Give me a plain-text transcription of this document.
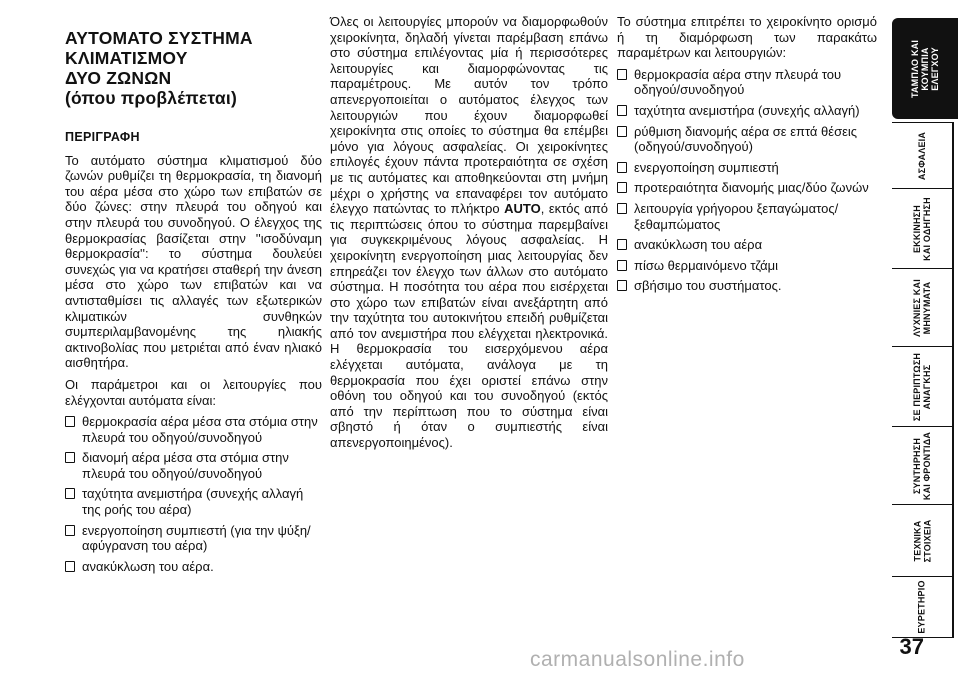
ΑΥΤΟΜΑΤΟ ΣΥΣΤΗΜΑ
ΚΛΙΜΑΤΙΣΜΟΥ
ΔΥΟ ΖΩΝΩΝ
(όπου προβλέπεται)
ΠΕΡΙΓΡΑΦΗ

Το αυτόματο σύστημα κλιματισμού δύο ζωνών ρυθμίζει τη θερμοκρασία, τη διανομή του αέρα μέσα στο χώρο των επιβατών σε δύο ζώνες: στην πλευρά του οδηγού και στην πλευρά του συνοδηγού. Ο έλεγχος της θερμοκρασίας βασίζεται στην ''ισοδύναμη θερμοκρασία'': το σύστημα δουλεύει συνεχώς για να κρατήσει σταθερή την άνεση μέσα στο χώρο των επιβατών και να αντισταθμίσει τις αλλαγές των εξωτερικών κλιματικών συνθηκών συμπεριλαμβανομένης της ηλιακής ακτινοβολίας που μετριέται από έναν ηλιακό αισθητήρα.

Οι παράμετροι και οι λειτουργίες που ελέγχονται αυτόματα είναι:

θερμοκρασία αέρα μέσα στα στόμια στην πλευρά του οδηγού/συνοδηγού
διανομή αέρα μέσα στα στόμια στην πλευρά του οδηγού/συνοδηγού
ταχύτητα ανεμιστήρα (συνεχής αλλαγή της ροής του αέρα)
ενεργοποίηση συμπιεστή (για την ψύξη/αφύγρανση του αέρα)
ανακύκλωση του αέρα.

Όλες οι λειτουργίες μπορούν να διαμορφωθούν χειροκίνητα, δηλαδή γίνεται παρέμβαση επάνω στο σύστημα επιλέγοντας μία ή περισσότερες λειτουργίες και διαμορφώνοντας τις παραμέτρους. Με αυτόν τον τρόπο απενεργοποιείται ο αυτόματος έλεγχος των λειτουργιών που έχουν διαμορφωθεί χειροκίνητα στις οποίες το σύστημα θα επέμβει μόνο για λόγους ασφαλείας. Οι χειροκίνητες επιλογές έχουν πάντα προτεραιότητα σε σχέση με τις αυτόματες και αποθηκεύονται στη μνήμη μέχρι ο χρήστης να επαναφέρει τον αυτόματο έλεγχο πατώντας το πλήκτρο AUTO, εκτός από τις περιπτώσεις όπου το σύστημα παρεμβαίνει για συγκεκριμένους λόγους ασφαλείας. Η χειροκίνητη ενεργοποίηση μιας λειτουργίας δεν επηρεάζει τον έλεγχο των άλλων στο αυτόματο σύστημα. Η ποσότητα του αέρα που εισέρχεται στο χώρο των επιβατών είναι ανεξάρτητη από την ταχύτητα του αυτοκινήτου επειδή ρυθμίζεται από τον ανεμιστήρα που ελέγχεται ηλεκτρονικά. Η θερμοκρασία του εισερχόμενου αέρα ελέγχεται αυτόματα, ανάλογα με τη θερμοκρασία που έχει οριστεί επάνω στην οθόνη του οδηγού και του συνοδηγού (εκτός από την περίπτωση που το σύστημα είναι σβηστό ή όταν ο συμπιεστής είναι απενεργοποιημένος).

Το σύστημα επιτρέπει το χειροκίνητο ορισμό ή τη διαμόρφωση των παρακάτω παραμέτρων και λειτουργιών:

θερμοκρασία αέρα στην πλευρά του οδηγού/συνοδηγού
ταχύτητα ανεμιστήρα (συνεχής αλλαγή)
ρύθμιση διανομής αέρα σε επτά θέσεις (οδηγού/συνοδηγού)
ενεργοποίηση συμπιεστή
προτεραιότητα διανομής μιας/δύο ζωνών
λειτουργία γρήγορου ξεπαγώματος/ξεθαμπώματος
ανακύκλωση του αέρα
πίσω θερμαινόμενο τζάμι
σβήσιμο του συστήματος.
ΤΑΜΠΛΟ ΚΑΙ
ΚΟΥΜΠΙΑ
ΕΛΕΓΧΟΥ
ΑΣΦΑΛΕΙΑ
ΕΚΚΙΝΗΣΗ
ΚΑΙ ΟΔΗΓΗΣΗ
ΛΥΧΝΙΕΣ ΚΑΙ
ΜΗΝΥΜΑΤΑ
ΣΕ ΠΕΡΙΠΤΩΣΗ
ΑΝΑΓΚΗΣ
ΣΥΝΤΗΡΗΣΗ
ΚΑΙ ΦΡΟΝΤΙΔΑ
ΤΕΧΝΙΚΑ
ΣΤΟΙΧΕΙΑ
ΕΥΡΕΤΗΡΙΟ
37
carmanualsonline.info
